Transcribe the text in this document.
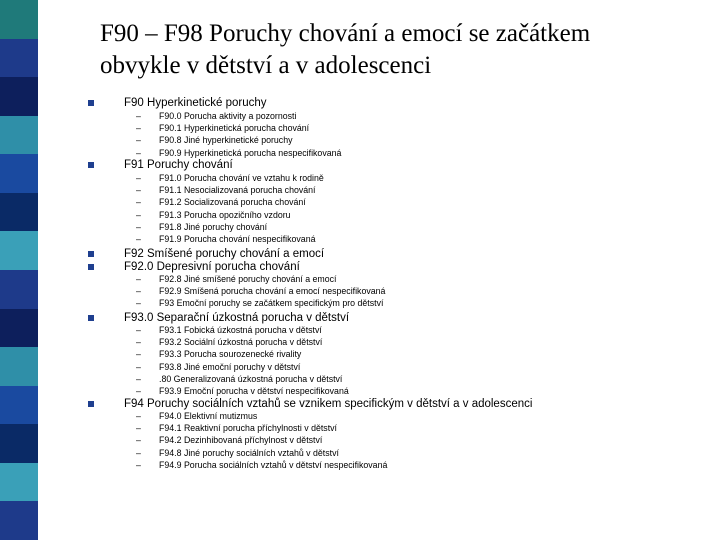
F90 – F98 Poruchy chování a emocí se začátkem
obvykle v dětství a v adolescenci
F90 Hyperkinetické poruchy
– F90.0 Porucha aktivity a pozornosti
– F90.1 Hyperkinetická porucha chování
– F90.8 Jiné hyperkinetické poruchy
– F90.9 Hyperkinetická porucha nespecifikovaná
F91 Poruchy chování
– F91.0 Porucha chování ve vztahu k rodině
– F91.1 Nesocializovaná porucha chování
– F91.2 Socializovaná porucha chování
– F91.3 Porucha opozičního vzdoru
– F91.8 Jiné poruchy chování
– F91.9 Porucha chování nespecifikovaná
F92 Smíšené poruchy chování a emocí
F92.0 Depresivní porucha chování
– F92.8 Jiné smíšené poruchy chování a emocí
– F92.9 Smíšená porucha chování a emocí nespecifikovaná
– F93 Emoční poruchy se začátkem specifickým pro dětství
F93.0 Separační úzkostná porucha v dětství
– F93.1 Fobická úzkostná porucha v dětství
– F93.2 Sociální úzkostná porucha v dětství
– F93.3 Porucha sourozenecké rivality
– F93.8 Jiné emoční poruchy v dětství
– .80 Generalizovaná úzkostná porucha v dětství
– F93.9 Emoční porucha v dětství nespecifikovaná
F94 Poruchy sociálních vztahů se vznikem specifickým v dětství a v adolescenci
– F94.0 Elektivní mutizmus
– F94.1 Reaktivní porucha příchylnosti v dětství
– F94.2 Dezinhibovaná příchylnost v dětství
– F94.8 Jiné poruchy sociálních vztahů v dětství
– F94.9 Porucha sociálních vztahů v dětství nespecifikovaná
